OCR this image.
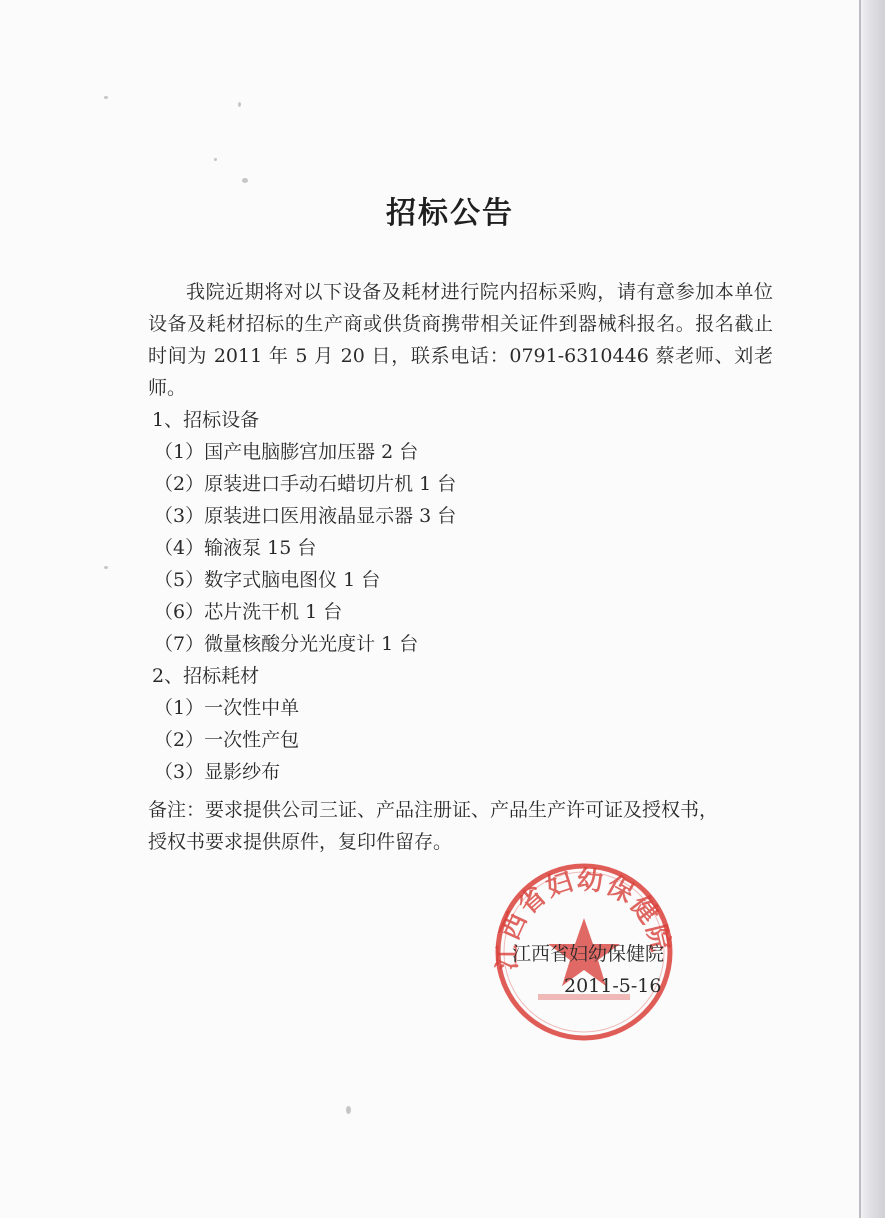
招标公告

我院近期将对以下设备及耗材进行院内招标采购，请有意参加本单位设备及耗材招标的生产商或供货商携带相关证件到器械科报名。报名截止时间为 2011 年 5 月 20 日，联系电话：0791-6310446 蔡老师、刘老师。

1、招标设备

（1）国产电脑膨宫加压器 2 台

（2）原装进口手动石蜡切片机 1 台

（3）原装进口医用液晶显示器 3 台

（4）输液泵 15 台

（5）数字式脑电图仪 1 台

（6）芯片洗干机 1 台

（7）微量核酸分光光度计 1 台

2、招标耗材

（1）一次性中单

（2）一次性产包

（3）显影纱布

备注：要求提供公司三证、产品注册证、产品生产许可证及授权书，

授权书要求提供原件，复印件留存。

江西省妇幼保健院

江西省妇幼保健院

2011-5-16
